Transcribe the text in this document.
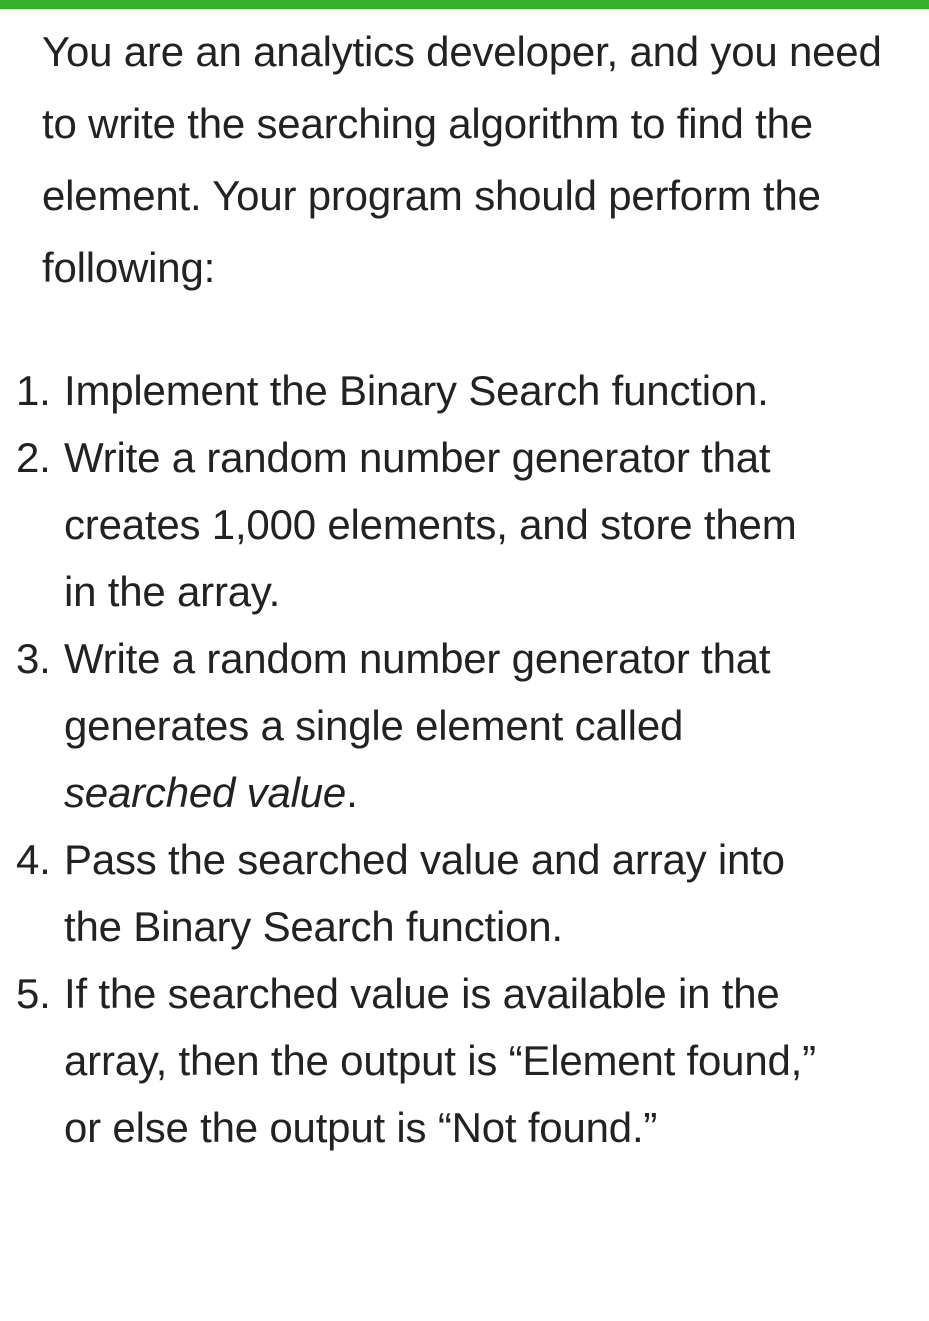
You are an analytics developer, and you need to write the searching algorithm to find the element. Your program should perform the following:

1. Implement the Binary Search function.
2. Write a random number generator that creates 1,000 elements, and store them in the array.
3. Write a random number generator that generates a single element called searched value.
4. Pass the searched value and array into the Binary Search function.
5. If the searched value is available in the array, then the output is “Element found,” or else the output is “Not found.”
